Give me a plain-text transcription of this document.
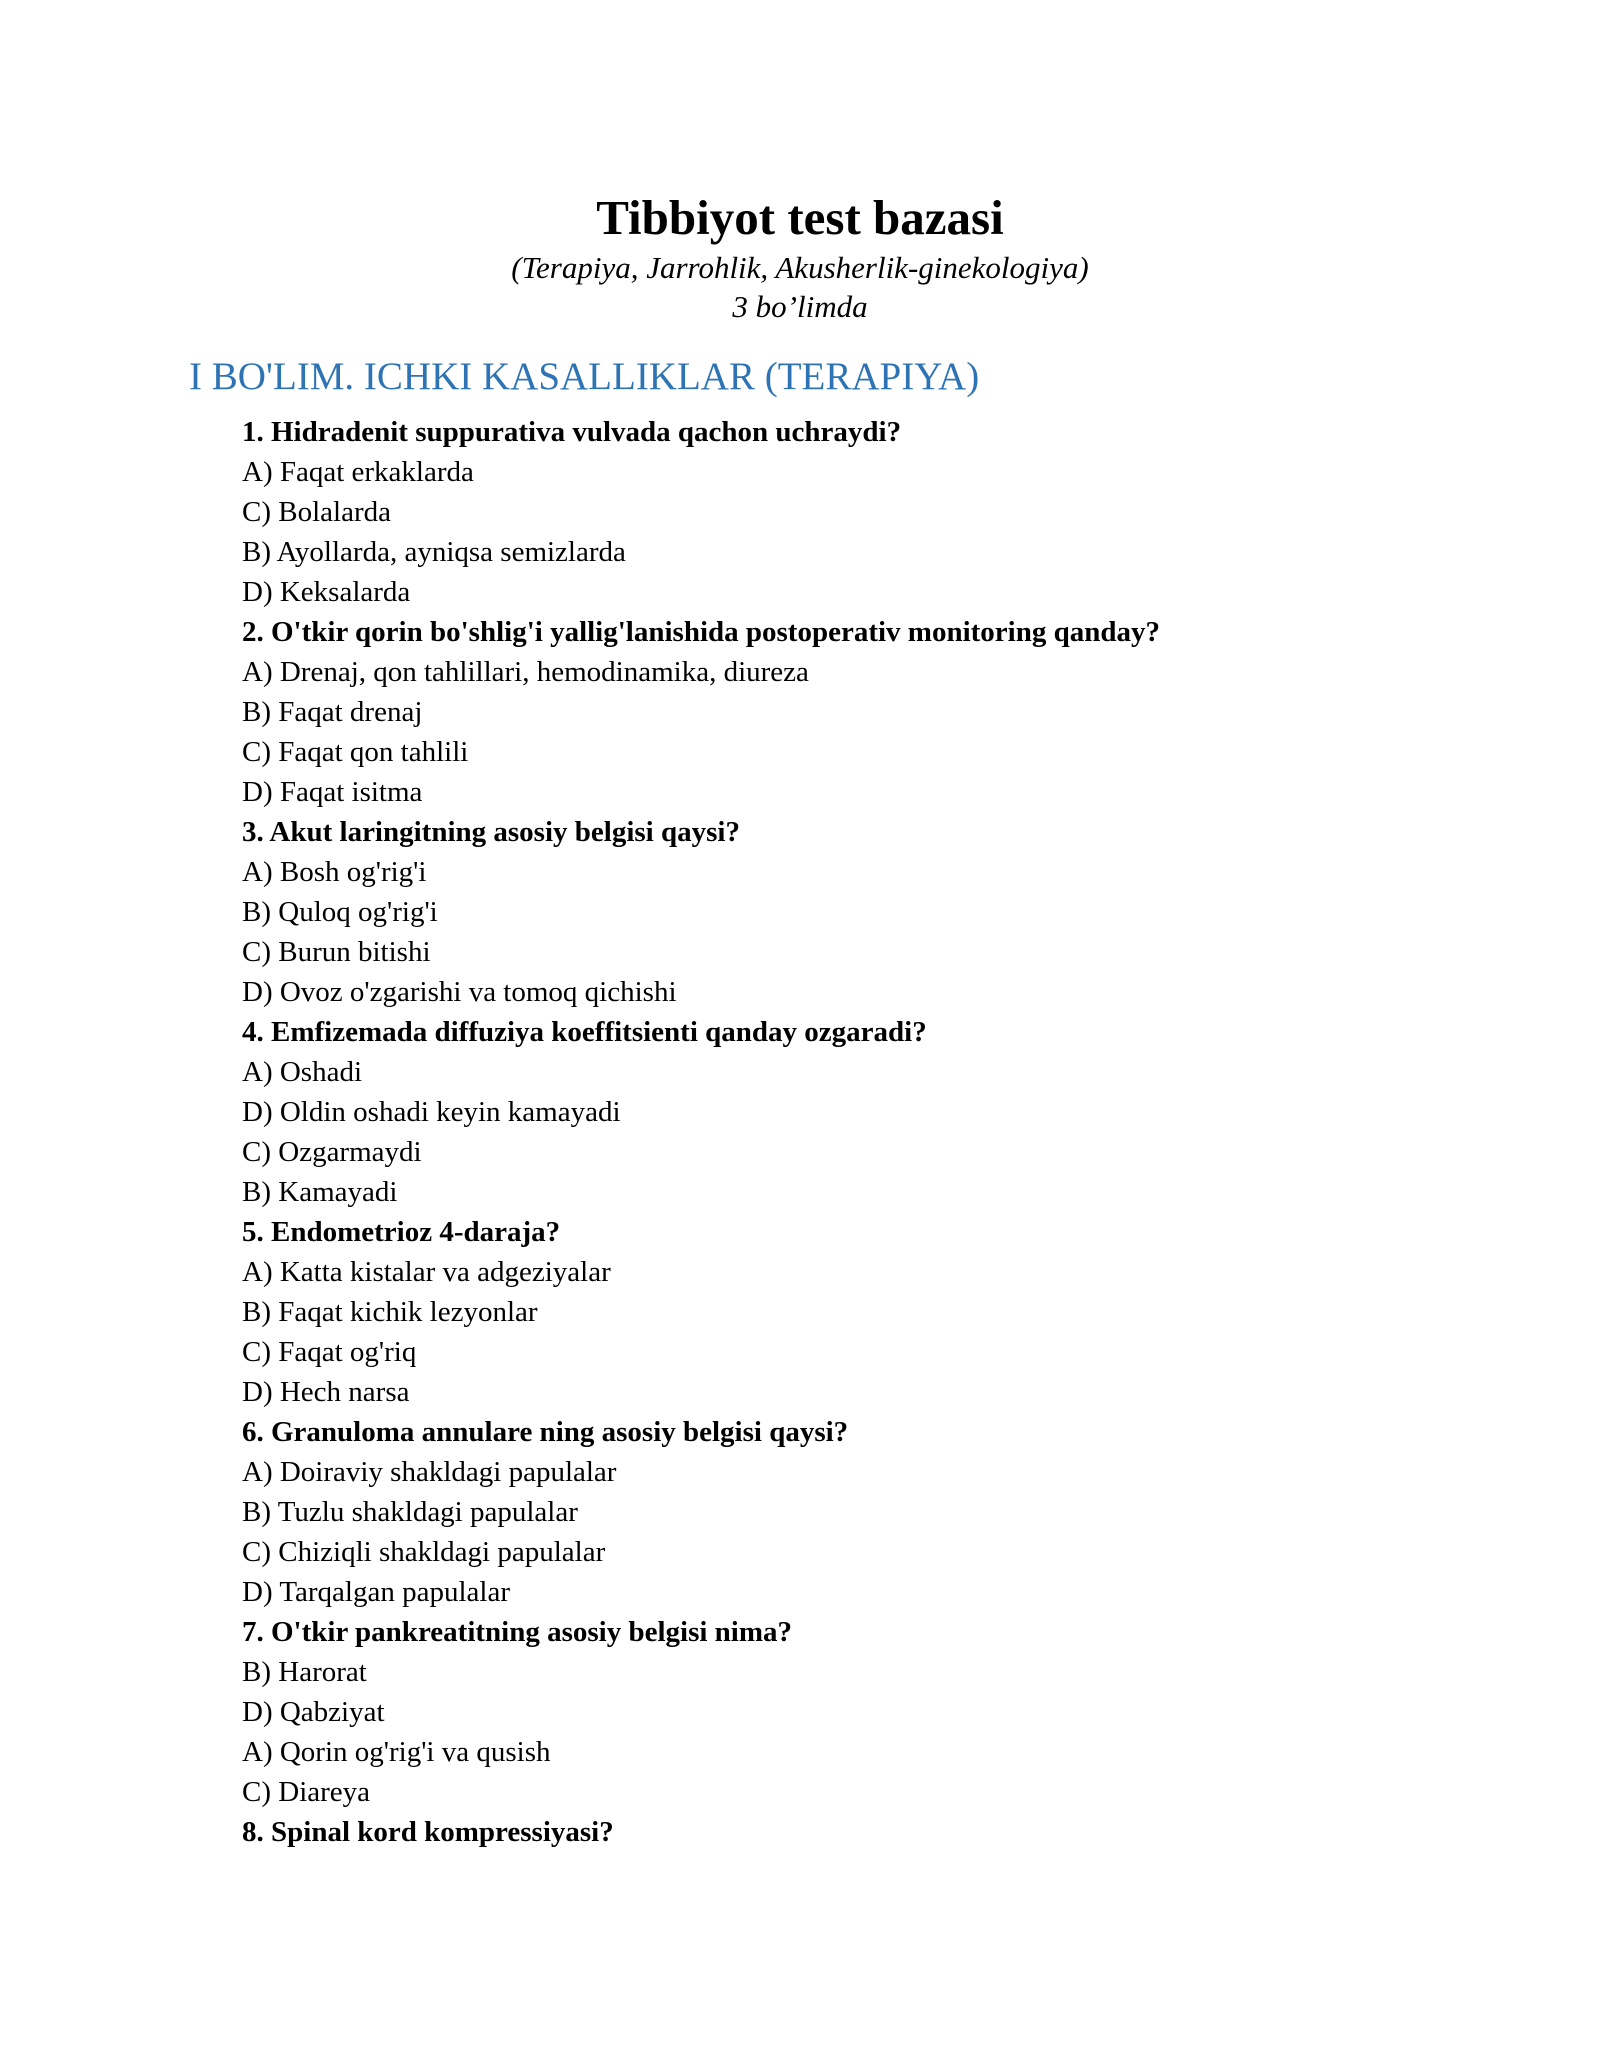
Tibbiyot test bazasi
(Terapiya, Jarrohlik, Akusherlik-ginekologiya)
3 bo’limda
I BO'LIM. ICHKI KASALLIKLAR (TERAPIYA)
1. Hidradenit suppurativa vulvada qachon uchraydi?
A) Faqat erkaklarda
C) Bolalarda
B) Ayollarda, ayniqsa semizlarda
D) Keksalarda
2. O'tkir qorin bo'shlig'i yallig'lanishida postoperativ monitoring qanday?
A) Drenaj, qon tahlillari, hemodinamika, diureza
B) Faqat drenaj
C) Faqat qon tahlili
D) Faqat isitma
3. Akut laringitning asosiy belgisi qaysi?
A) Bosh og'rig'i
B) Quloq og'rig'i
C) Burun bitishi
D) Ovoz o'zgarishi va tomoq qichishi
4. Emfizemada diffuziya koeffitsienti qanday ozgaradi?
A) Oshadi
D) Oldin oshadi keyin kamayadi
C) Ozgarmaydi
B) Kamayadi
5. Endometrioz 4-daraja?
A) Katta kistalar va adgeziyalar
B) Faqat kichik lezyonlar
C) Faqat og'riq
D) Hech narsa
6. Granuloma annulare ning asosiy belgisi qaysi?
A) Doiraviy shakldagi papulalar
B) Tuzlu shakldagi papulalar
C) Chiziqli shakldagi papulalar
D) Tarqalgan papulalar
7. O'tkir pankreatitning asosiy belgisi nima?
B) Harorat
D) Qabziyat
A) Qorin og'rig'i va qusish
C) Diareya
8. Spinal kord kompressiyasi?
